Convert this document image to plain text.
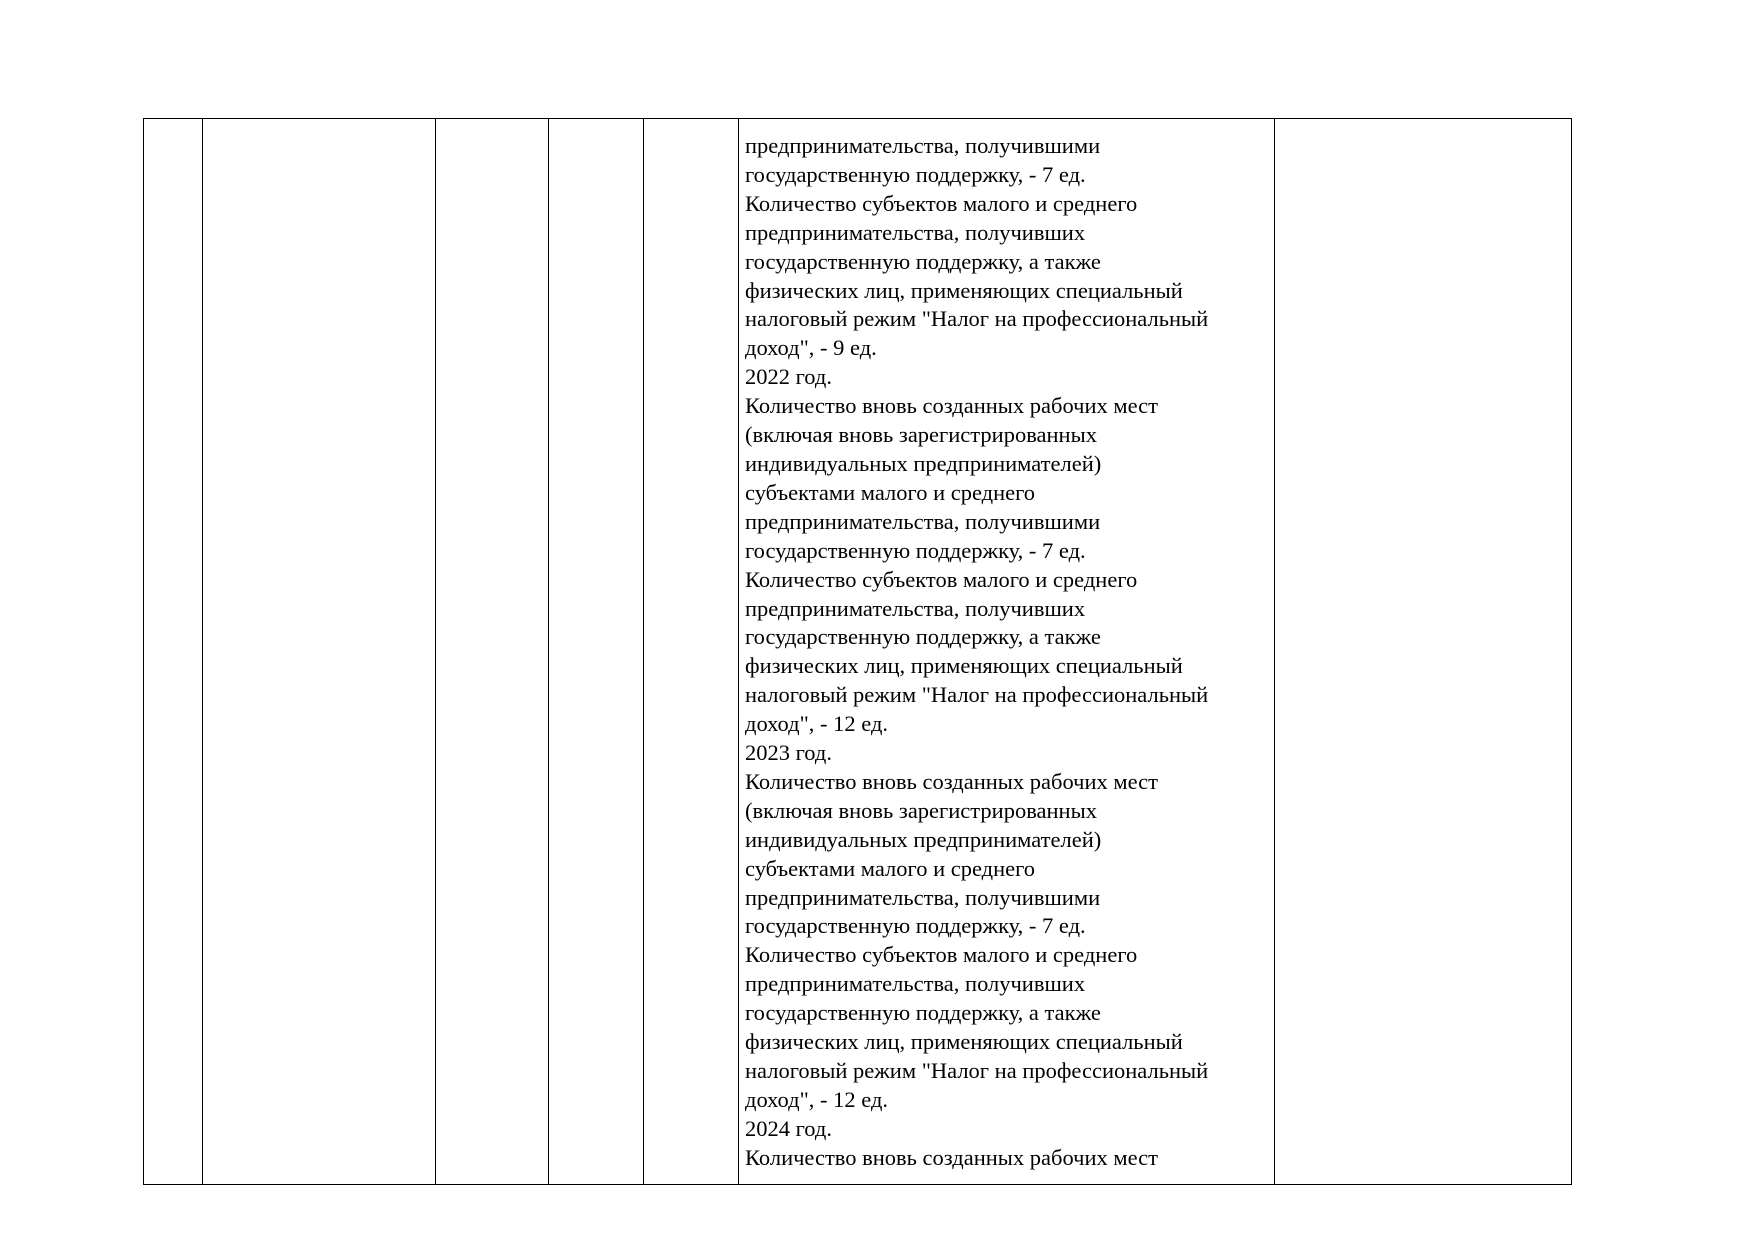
предпринимательства, получившими
государственную поддержку, - 7 ед.
Количество субъектов малого и среднего
предпринимательства, получивших
государственную поддержку, а также
физических лиц, применяющих специальный
налоговый режим "Налог на профессиональный
доход", - 9 ед.
2022 год.
Количество вновь созданных рабочих мест
(включая вновь зарегистрированных
индивидуальных предпринимателей)
субъектами малого и среднего
предпринимательства, получившими
государственную поддержку, - 7 ед.
Количество субъектов малого и среднего
предпринимательства, получивших
государственную поддержку, а также
физических лиц, применяющих специальный
налоговый режим "Налог на профессиональный
доход", - 12 ед.
2023 год.
Количество вновь созданных рабочих мест
(включая вновь зарегистрированных
индивидуальных предпринимателей)
субъектами малого и среднего
предпринимательства, получившими
государственную поддержку, - 7 ед.
Количество субъектов малого и среднего
предпринимательства, получивших
государственную поддержку, а также
физических лиц, применяющих специальный
налоговый режим "Налог на профессиональный
доход", - 12 ед.
2024 год.
Количество вновь созданных рабочих мест
